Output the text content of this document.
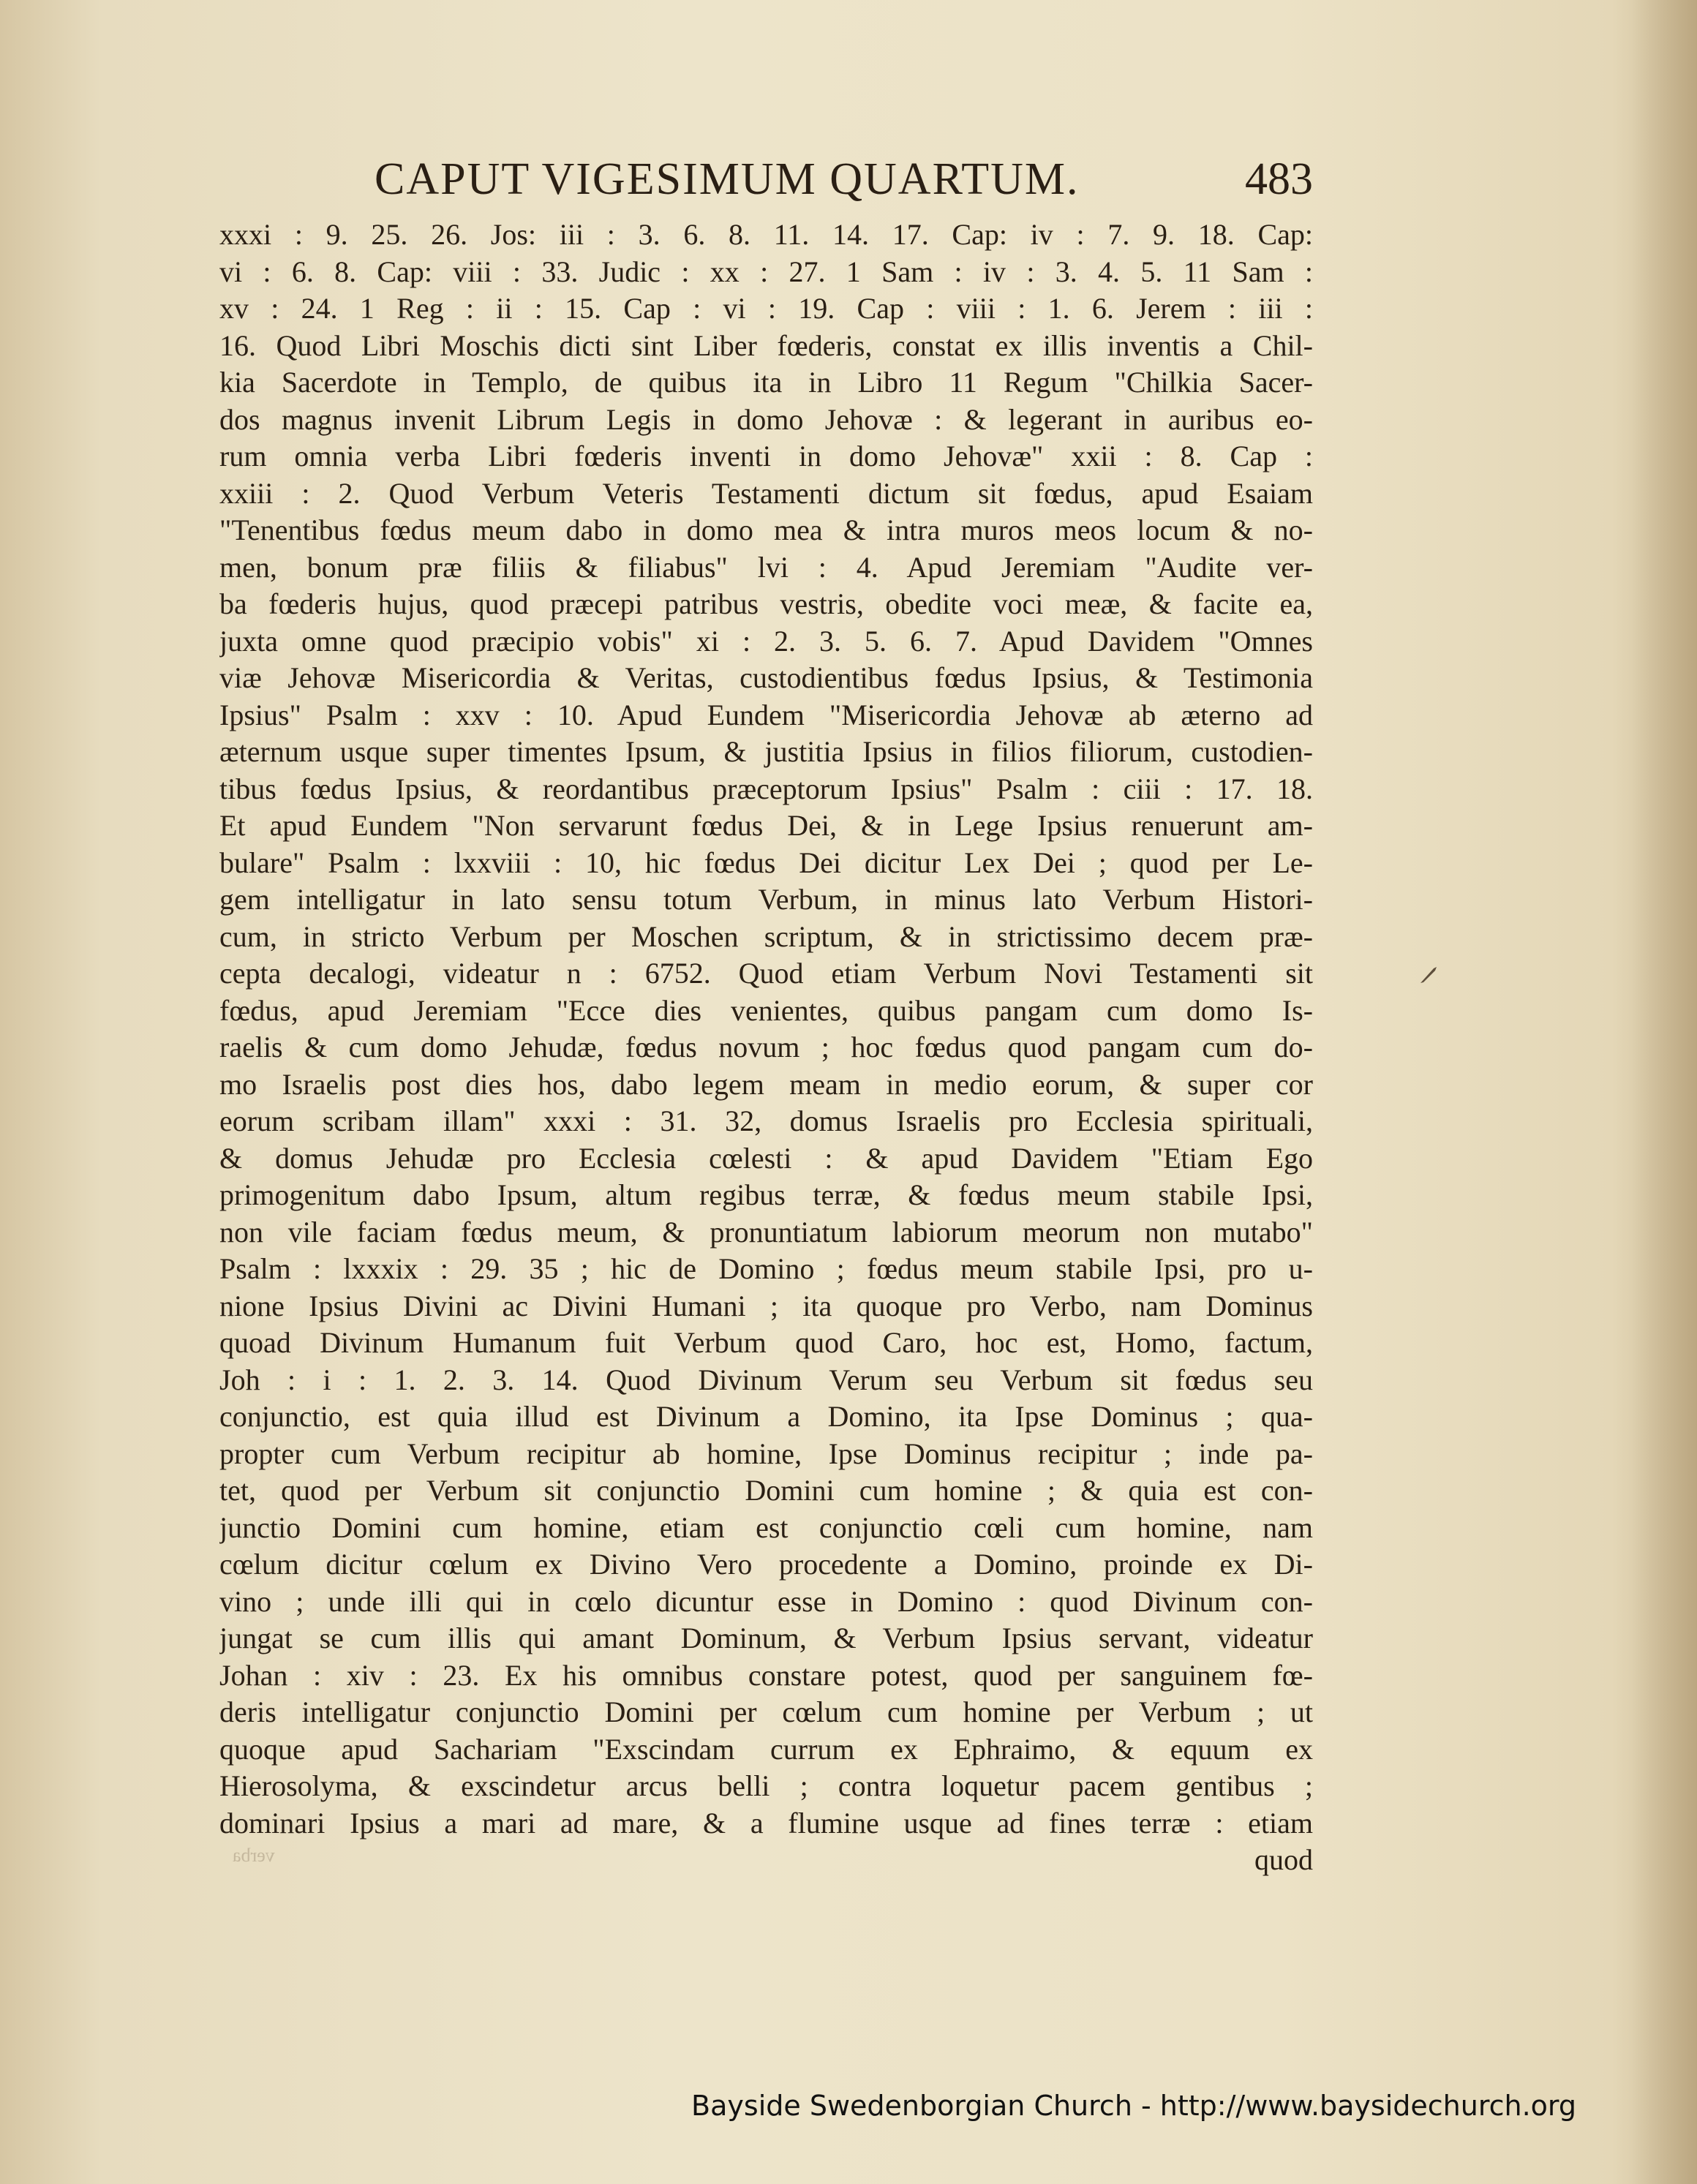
CAPUT VIGESIMUM QUARTUM.	483
xxxi : 9. 25. 26. Jos: iii : 3. 6. 8. 11. 14. 17. Cap: iv : 7. 9. 18. Cap:
vi : 6. 8. Cap: viii : 33. Judic : xx : 27. 1 Sam : iv : 3. 4. 5. 11 Sam :
xv : 24. 1 Reg : ii : 15. Cap : vi : 19. Cap : viii : 1. 6. Jerem : iii :
16. Quod Libri Moschis dicti sint Liber fœderis, constat ex illis inventis a Chil-
kia Sacerdote in Templo, de quibus ita in Libro 11 Regum "Chilkia Sacer-
dos magnus invenit Librum Legis in domo Jehovæ : & legerant in auribus eo-
rum omnia verba Libri fœderis inventi in domo Jehovæ" xxii : 8. Cap :
xxiii : 2. Quod Verbum Veteris Testamenti dictum sit fœdus, apud Esaiam
"Tenentibus fœdus meum dabo in domo mea & intra muros meos locum & no-
men, bonum præ filiis & filiabus" lvi : 4. Apud Jeremiam "Audite ver-
ba fœderis hujus, quod præcepi patribus vestris, obedite voci meæ, & facite ea,
juxta omne quod præcipio vobis" xi : 2. 3. 5. 6. 7. Apud Davidem "Omnes
viæ Jehovæ Misericordia & Veritas, custodientibus fœdus Ipsius, & Testimonia
Ipsius" Psalm : xxv : 10. Apud Eundem "Misericordia Jehovæ ab æterno ad
æternum usque super timentes Ipsum, & justitia Ipsius in filios filiorum, custodien-
tibus fœdus Ipsius, & reordantibus præceptorum Ipsius" Psalm : ciii : 17. 18.
Et apud Eundem "Non servarunt fœdus Dei, & in Lege Ipsius renuerunt am-
bulare" Psalm : lxxviii : 10, hic fœdus Dei dicitur Lex Dei ; quod per Le-
gem intelligatur in lato sensu totum Verbum, in minus lato Verbum Histori-
cum, in stricto Verbum per Moschen scriptum, & in strictissimo decem præ-
cepta decalogi, videatur n : 6752. Quod etiam Verbum Novi Testamenti sit
fœdus, apud Jeremiam "Ecce dies venientes, quibus pangam cum domo Is-
raelis & cum domo Jehudæ, fœdus novum ; hoc fœdus quod pangam cum do-
mo Israelis post dies hos, dabo legem meam in medio eorum, & super cor
eorum scribam illam" xxxi : 31. 32, domus Israelis pro Ecclesia spirituali,
& domus Jehudæ pro Ecclesia cœlesti : & apud Davidem "Etiam Ego
primogenitum dabo Ipsum, altum regibus terræ, & fœdus meum stabile Ipsi,
non vile faciam fœdus meum, & pronuntiatum labiorum meorum non mutabo"
Psalm : lxxxix : 29. 35 ; hic de Domino ; fœdus meum stabile Ipsi, pro u-
nione Ipsius Divini ac Divini Humani ; ita quoque pro Verbo, nam Dominus
quoad Divinum Humanum fuit Verbum quod Caro, hoc est, Homo, factum,
Joh : i : 1. 2. 3. 14. Quod Divinum Verum seu Verbum sit fœdus seu
conjunctio, est quia illud est Divinum a Domino, ita Ipse Dominus ; qua-
propter cum Verbum recipitur ab homine, Ipse Dominus recipitur ; inde pa-
tet, quod per Verbum sit conjunctio Domini cum homine ; & quia est con-
junctio Domini cum homine, etiam est conjunctio cœli cum homine, nam
cœlum dicitur cœlum ex Divino Vero procedente a Domino, proinde ex Di-
vino ; unde illi qui in cœlo dicuntur esse in Domino : quod Divinum con-
jungat se cum illis qui amant Dominum, & Verbum Ipsius servant, videatur
Johan : xiv : 23. Ex his omnibus constare potest, quod per sanguinem fœ-
deris intelligatur conjunctio Domini per cœlum cum homine per Verbum ; ut
quoque apud Sachariam "Exscindam currum ex Ephraimo, & equum ex
Hierosolyma, & exscindetur arcus belli ; contra loquetur pacem gentibus ;
dominari Ipsius a mari ad mare, & a flumine usque ad fines terræ : etiam
quod
verba
Bayside Swedenborgian Church - http://www.baysidechurch.org
